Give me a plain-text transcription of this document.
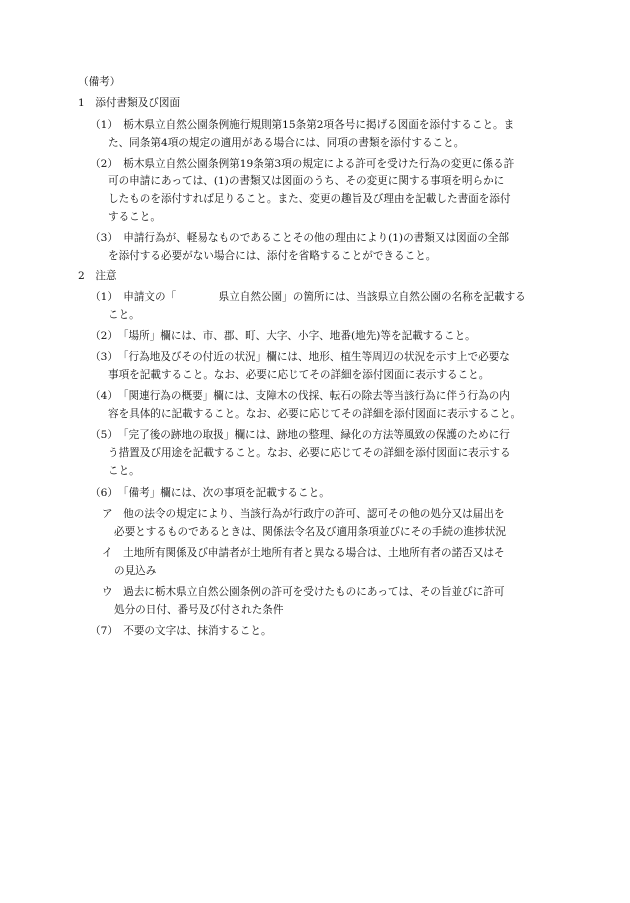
（備考）
1　添付書類及び図面
（1）　栃木県立自然公園条例施行規則第15条第2項各号に掲げる図面を添付すること。ま
た、同条第4項の規定の適用がある場合には、同項の書類を添付すること。
（2）　栃木県立自然公園条例第19条第3項の規定による許可を受けた行為の変更に係る許
可の申請にあっては、(1)の書類又は図面のうち、その変更に関する事項を明らかに
したものを添付すれば足りること。また、変更の趣旨及び理由を記載した書面を添付
すること。
（3）　申請行為が、軽易なものであることその他の理由により(1)の書類又は図面の全部
を添付する必要がない場合には、添付を省略することができること。
2　注意
（1）　申請文の「　　　　県立自然公園」の箇所には、当該県立自然公園の名称を記載する
こと。
（2）　「場所」欄には、市、郡、町、大字、小字、地番(地先)等を記載すること。
（3）　「行為地及びその付近の状況」欄には、地形、植生等周辺の状況を示す上で必要な
事項を記載すること。なお、必要に応じてその詳細を添付図面に表示すること。
（4）　「関連行為の概要」欄には、支障木の伐採、転石の除去等当該行為に伴う行為の内
容を具体的に記載すること。なお、必要に応じてその詳細を添付図面に表示すること。
（5）　「完了後の跡地の取扱」欄には、跡地の整理、緑化の方法等風致の保護のために行
う措置及び用途を記載すること。なお、必要に応じてその詳細を添付図面に表示する
こと。
（6）　「備考」欄には、次の事項を記載すること。
ア　他の法令の規定により、当該行為が行政庁の許可、認可その他の処分又は届出を
必要とするものであるときは、関係法令名及び適用条項並びにその手続の進捗状況
イ　土地所有関係及び申請者が土地所有者と異なる場合は、土地所有者の諾否又はそ
の見込み
ウ　過去に栃木県立自然公園条例の許可を受けたものにあっては、その旨並びに許可
処分の日付、番号及び付された条件
（7）　不要の文字は、抹消すること。
